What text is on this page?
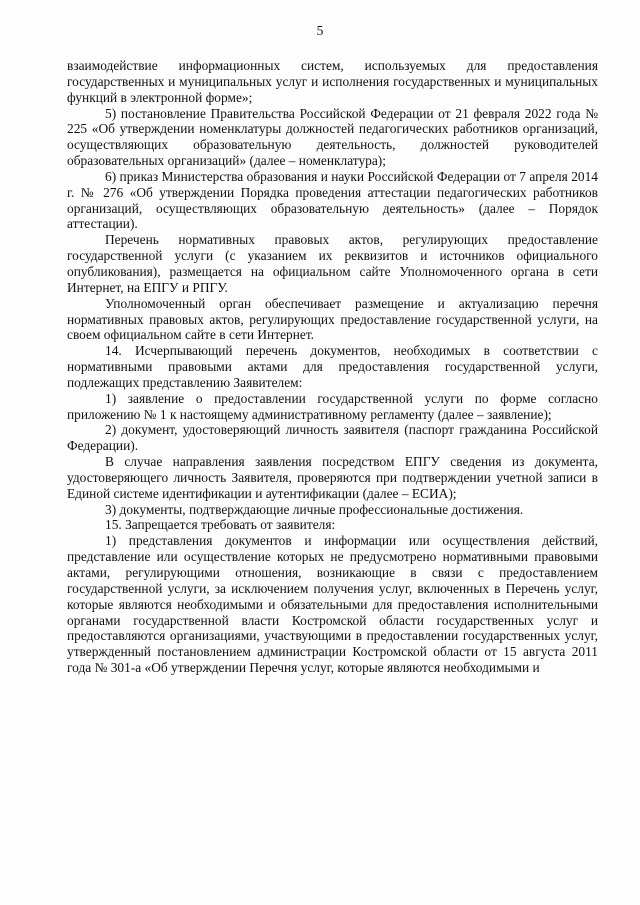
5

взаимодействие информационных систем, используемых для предоставления государственных и муниципальных услуг и исполнения государственных и муниципальных функций в электронной форме»;

5) постановление Правительства Российской Федерации от 21 февраля 2022 года № 225 «Об утверждении номенклатуры должностей педагогических работников организаций, осуществляющих образовательную деятельность, должностей руководителей образовательных организаций» (далее – номенклатура);

6) приказ Министерства образования и науки Российской Федерации от 7 апреля 2014 г. № 276 «Об утверждении Порядка проведения аттестации педагогических работников организаций, осуществляющих образовательную деятельность» (далее – Порядок аттестации).

Перечень нормативных правовых актов, регулирующих предоставление государственной услуги (с указанием их реквизитов и источников официального опубликования), размещается на официальном сайте Уполномоченного органа в сети Интернет, на ЕПГУ и РПГУ.

Уполномоченный орган обеспечивает размещение и актуализацию перечня нормативных правовых актов, регулирующих предоставление государственной услуги, на своем официальном сайте в сети Интернет.

14. Исчерпывающий перечень документов, необходимых в соответствии с нормативными правовыми актами для предоставления государственной услуги, подлежащих представлению Заявителем:

1) заявление о предоставлении государственной услуги по форме согласно приложению № 1 к настоящему административному регламенту (далее – заявление);

2) документ, удостоверяющий личность заявителя (паспорт гражданина Российской Федерации).

В случае направления заявления посредством ЕПГУ сведения из документа, удостоверяющего личность Заявителя, проверяются при подтверждении учетной записи в Единой системе идентификации и аутентификации (далее – ЕСИА);

3) документы, подтверждающие личные профессиональные достижения.

15. Запрещается требовать от заявителя:

1) представления документов и информации или осуществления действий, представление или осуществление которых не предусмотрено нормативными правовыми актами, регулирующими отношения, возникающие в связи с предоставлением государственной услуги, за исключением получения услуг, включенных в Перечень услуг, которые являются необходимыми и обязательными для предоставления исполнительными органами государственной власти Костромской области государственных услуг и предоставляются организациями, участвующими в предоставлении государственных услуг, утвержденный постановлением администрации Костромской области от 15 августа 2011 года № 301-а «Об утверждении Перечня услуг, которые являются необходимыми и
